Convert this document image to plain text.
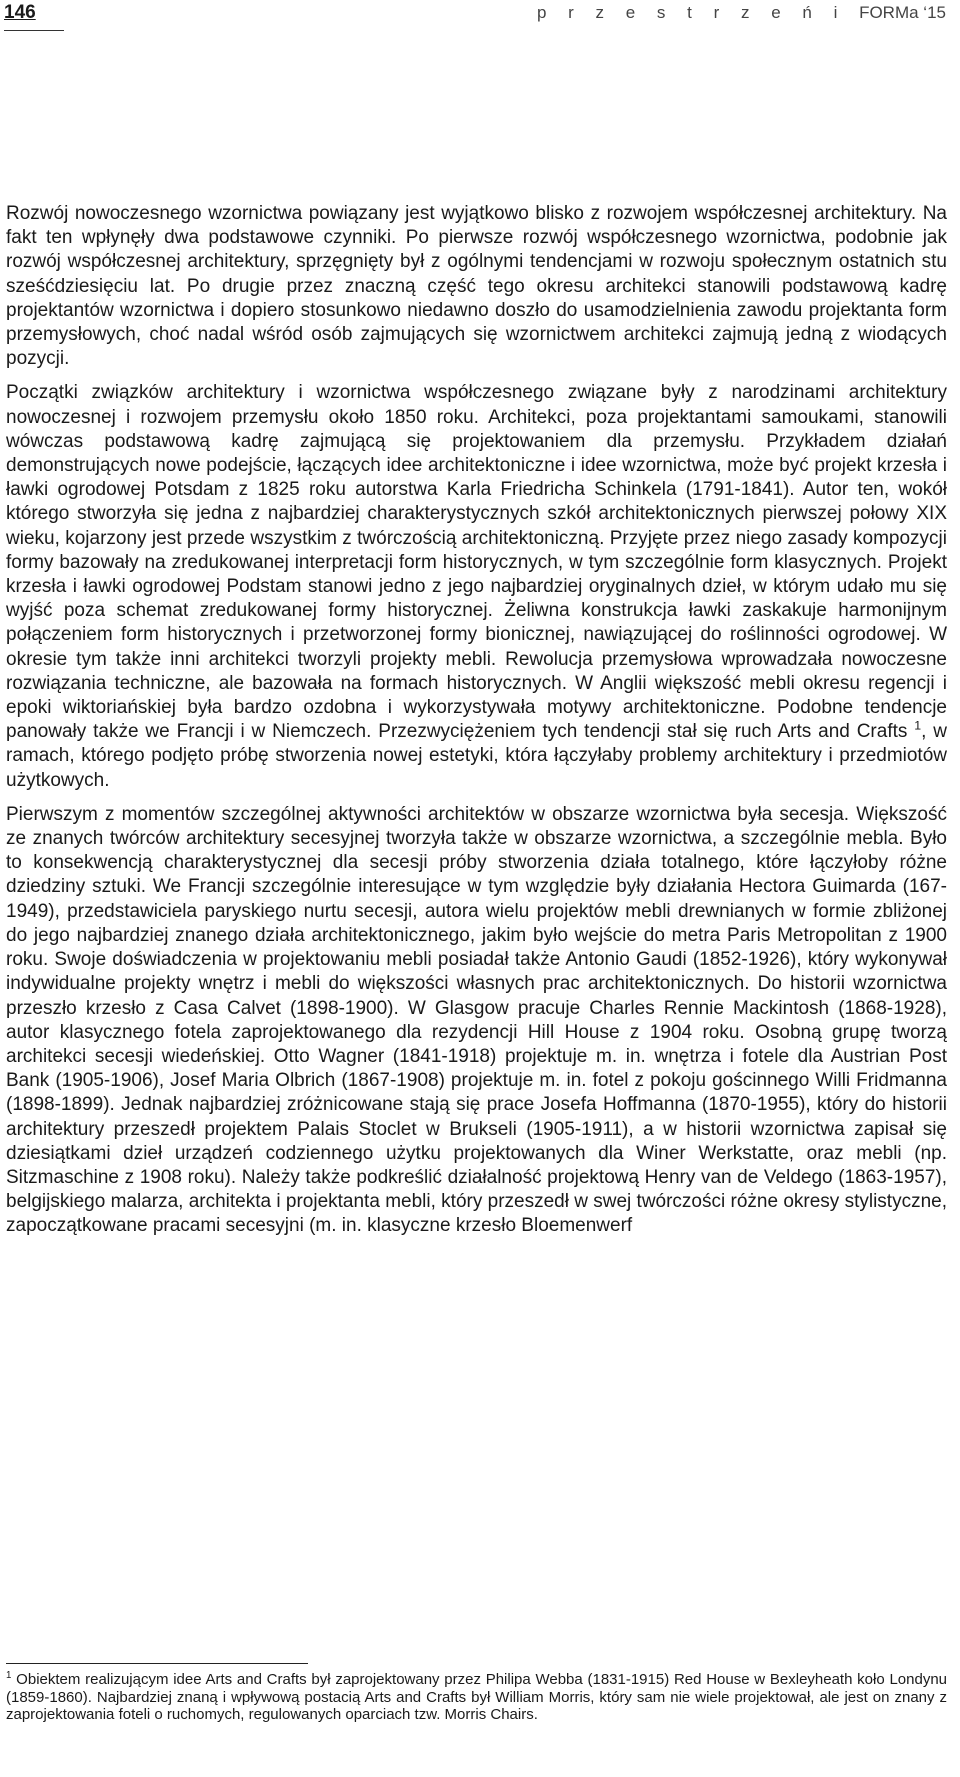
146	p r z e s t r z e ń i FORMa ‘15

Rozwój nowoczesnego wzornictwa powiązany jest wyjątkowo blisko z rozwojem współczesnej architektury. Na fakt ten wpłynęły dwa podstawowe czynniki. Po pierwsze rozwój współczesnego wzornictwa, podobnie jak rozwój współczesnej architektury, sprzęgnięty był z ogólnymi tendencjami w rozwoju społecznym ostatnich stu sześćdziesięciu lat. Po drugie przez znaczną część tego okresu architekci stanowili podstawową kadrę projektantów wzornictwa i dopiero stosunkowo niedawno doszło do usamodzielnienia zawodu projektanta form przemysłowych, choć nadal wśród osób zajmujących się wzornictwem architekci zajmują jedną z wiodących pozycji.

Początki związków architektury i wzornictwa współczesnego związane były z narodzinami architektury nowoczesnej i rozwojem przemysłu około 1850 roku. Architekci, poza projektantami samoukami, stanowili wówczas podstawową kadrę zajmującą się projektowaniem dla przemysłu. Przykładem działań demonstrujących nowe podejście, łączących idee architektoniczne i idee wzornictwa, może być projekt krzesła i ławki ogrodowej Potsdam z 1825 roku autorstwa Karla Friedricha Schinkela (1791-1841). Autor ten, wokół którego stworzyła się jedna z najbardziej charakterystycznych szkół architektonicznych pierwszej połowy XIX wieku, kojarzony jest przede wszystkim z twórczością architektoniczną. Przyjęte przez niego zasady kompozycji formy bazowały na zredukowanej interpretacji form historycznych, w tym szczególnie form klasycznych. Projekt krzesła i ławki ogrodowej Podstam stanowi jedno z jego najbardziej oryginalnych dzieł, w którym udało mu się wyjść poza schemat zredukowanej formy historycznej. Żeliwna konstrukcja ławki zaskakuje harmonijnym połączeniem form historycznych i przetworzonej formy bionicznej, nawiązującej do roślinności ogrodowej. W okresie tym także inni architekci tworzyli projekty mebli. Rewolucja przemysłowa wprowadzała nowoczesne rozwiązania techniczne, ale bazowała na formach historycznych. W Anglii większość mebli okresu regencji i epoki wiktoriańskiej była bardzo ozdobna i wykorzystywała motywy architektoniczne. Podobne tendencje panowały także we Francji i w Niemczech. Przezwyciężeniem tych tendencji stał się ruch Arts and Crafts $^1$, w ramach, którego podjęto próbę stworzenia nowej estetyki, która łączyłaby problemy architektury i przedmiotów użytkowych.

Pierwszym z momentów szczególnej aktywności architektów w obszarze wzornictwa była secesja. Większość ze znanych twórców architektury secesyjnej tworzyła także w obszarze wzornictwa, a szczególnie mebla. Było to konsekwencją charakterystycznej dla secesji próby stworzenia działa totalnego, które łączyłoby różne dziedziny sztuki. We Francji szczególnie interesujące w tym względzie były działania Hectora Guimarda (167-1949), przedstawiciela paryskiego nurtu secesji, autora wielu projektów mebli drewnianych w formie zbliżonej do jego najbardziej znanego działa architektonicznego, jakim było wejście do metra Paris Metropolitan z 1900 roku. Swoje doświadczenia w projektowaniu mebli posiadał także Antonio Gaudi (1852-1926), który wykonywał indywidualne projekty wnętrz i mebli do większości własnych prac architektonicznych. Do historii wzornictwa przeszło krzesło z Casa Calvet (1898-1900). W Glasgow pracuje Charles Rennie Mackintosh (1868-1928), autor klasycznego fotela zaprojektowanego dla rezydencji Hill House z 1904 roku. Osobną grupę tworzą architekci secesji wiedeńskiej. Otto Wagner (1841-1918) projektuje m. in. wnętrza i fotele dla Austrian Post Bank (1905-1906), Josef Maria Olbrich (1867-1908) projektuje m. in. fotel z pokoju gościnnego Willi Fridmanna (1898-1899). Jednak najbardziej zróżnicowane stają się prace Josefa Hoffmanna (1870-1955), który do historii architektury przeszedł projektem Palais Stoclet w Brukseli (1905-1911), a w historii wzornictwa zapisał się dziesiątkami dzieł urządzeń codziennego użytku projektowanych dla Winer Werkstatte, oraz mebli (np. Sitzmaschine z 1908 roku). Należy także podkreślić działalność projektową Henry van de Veldego (1863-1957), belgijskiego malarza, architekta i projektanta mebli, który przeszedł w swej twórczości różne okresy stylistyczne, zapoczątkowane pracami secesyjni (m. in. klasyczne krzesło Bloemenwerf

$^1$ Obiektem realizującym idee Arts and Crafts był zaprojektowany przez Philipa Webba (1831-1915) Red House w Bexleyheath koło Londynu (1859-1860). Najbardziej znaną i wpływową postacią Arts and Crafts był William Morris, który sam nie wiele projektował, ale jest on znany z zaprojektowania foteli o ruchomych, regulowanych oparciach tzw. Morris Chairs.
